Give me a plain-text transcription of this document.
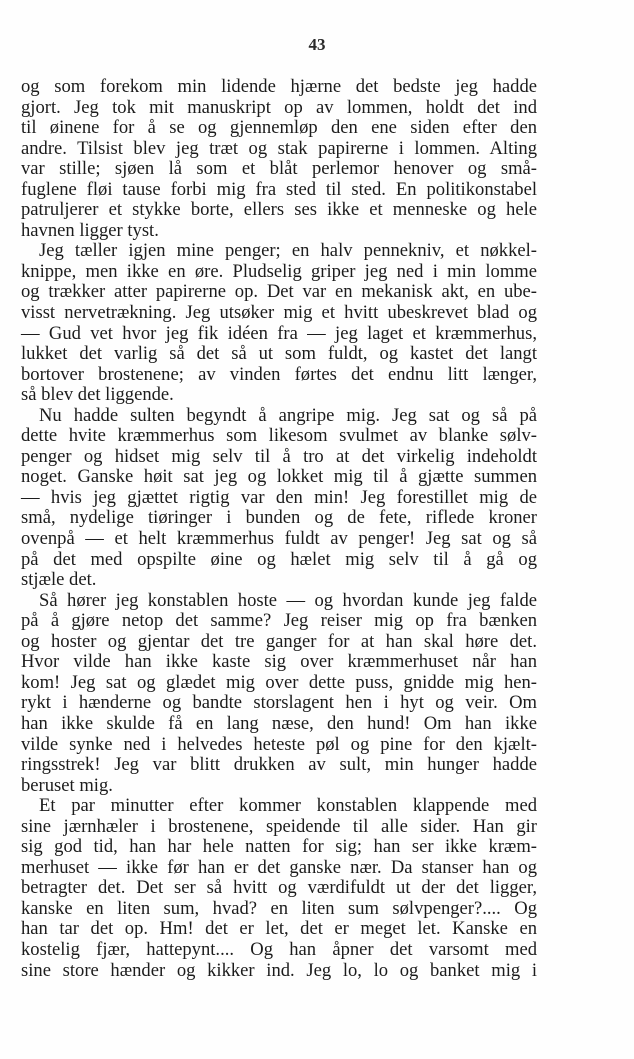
43
og som forekom min lidende hjærne det bedste jeg hadde
gjort. Jeg tok mit manuskript op av lommen, holdt det ind
til øinene for å se og gjennemløp den ene siden efter den
andre. Tilsist blev jeg træt og stak papirerne i lommen. Alting
var stille; sjøen lå som et blåt perlemor henover og små-
fuglene fløi tause forbi mig fra sted til sted. En politikonstabel
patruljerer et stykke borte, ellers ses ikke et menneske og hele
havnen ligger tyst.
Jeg tæller igjen mine penger; en halv pennekniv, et nøkkel-
knippe, men ikke en øre. Pludselig griper jeg ned i min lomme
og trækker atter papirerne op. Det var en mekanisk akt, en ube-
visst nervetrækning. Jeg utsøker mig et hvitt ubeskrevet blad og
— Gud vet hvor jeg fik idéen fra — jeg laget et kræmmerhus,
lukket det varlig så det så ut som fuldt, og kastet det langt
bortover brostenene; av vinden førtes det endnu litt længer,
så blev det liggende.
Nu hadde sulten begyndt å angripe mig. Jeg sat og så på
dette hvite kræmmerhus som likesom svulmet av blanke sølv-
penger og hidset mig selv til å tro at det virkelig indeholdt
noget. Ganske høit sat jeg og lokket mig til å gjætte summen
— hvis jeg gjættet rigtig var den min! Jeg forestillet mig de
små, nydelige tiøringer i bunden og de fete, riflede kroner
ovenpå — et helt kræmmerhus fuldt av penger! Jeg sat og så
på det med opspilte øine og hælet mig selv til å gå og
stjæle det.
Så hører jeg konstablen hoste — og hvordan kunde jeg falde
på å gjøre netop det samme? Jeg reiser mig op fra bænken
og hoster og gjentar det tre ganger for at han skal høre det.
Hvor vilde han ikke kaste sig over kræmmerhuset når han
kom! Jeg sat og glædet mig over dette puss, gnidde mig hen-
rykt i hænderne og bandte storslagent hen i hyt og veir. Om
han ikke skulde få en lang næse, den hund! Om han ikke
vilde synke ned i helvedes heteste pøl og pine for den kjælt-
ringsstrek! Jeg var blitt drukken av sult, min hunger hadde
beruset mig.
Et par minutter efter kommer konstablen klappende med
sine jærnhæler i brostenene, speidende til alle sider. Han gir
sig god tid, han har hele natten for sig; han ser ikke kræm-
merhuset — ikke før han er det ganske nær. Da stanser han og
betragter det. Det ser så hvitt og værdifuldt ut der det ligger,
kanske en liten sum, hvad? en liten sum sølvpenger?.... Og
han tar det op. Hm! det er let, det er meget let. Kanske en
kostelig fjær, hattepynt.... Og han åpner det varsomt med
sine store hænder og kikker ind. Jeg lo, lo og banket mig i
